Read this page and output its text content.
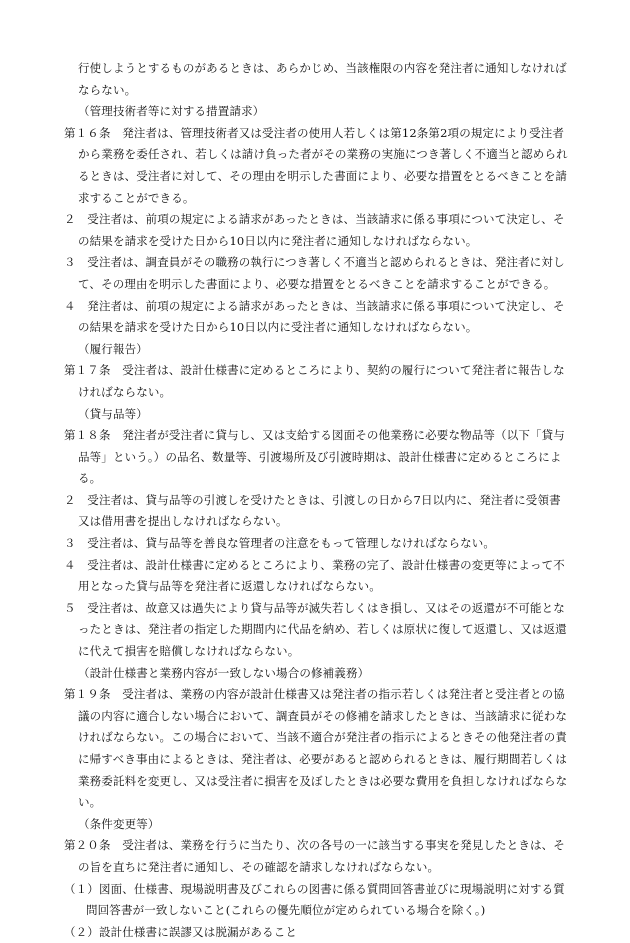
行使しようとするものがあるときは、あらかじめ、当該権限の内容を発注者に通知しなければならない。
（管理技術者等に対する措置請求）
第１６条　発注者は、管理技術者又は受注者の使用人若しくは第12条第2項の規定により受注者から業務を委任され、若しくは請け負った者がその業務の実施につき著しく不適当と認められるときは、受注者に対して、その理由を明示した書面により、必要な措置をとるべきことを請求することができる。
２　受注者は、前項の規定による請求があったときは、当該請求に係る事項について決定し、その結果を請求を受けた日から10日以内に発注者に通知しなければならない。
３　受注者は、調査員がその職務の執行につき著しく不適当と認められるときは、発注者に対して、その理由を明示した書面により、必要な措置をとるべきことを請求することができる。
４　発注者は、前項の規定による請求があったときは、当該請求に係る事項について決定し、その結果を請求を受けた日から10日以内に受注者に通知しなければならない。
（履行報告）
第１７条　受注者は、設計仕様書に定めるところにより、契約の履行について発注者に報告しなければならない。
（貸与品等）
第１８条　発注者が受注者に貸与し、又は支給する図面その他業務に必要な物品等（以下「貸与品等」という。）の品名、数量等、引渡場所及び引渡時期は、設計仕様書に定めるところによる。
２　受注者は、貸与品等の引渡しを受けたときは、引渡しの日から7日以内に、発注者に受領書又は借用書を提出しなければならない。
３　受注者は、貸与品等を善良な管理者の注意をもって管理しなければならない。
４　受注者は、設計仕様書に定めるところにより、業務の完了、設計仕様書の変更等によって不用となった貸与品等を発注者に返還しなければならない。
５　受注者は、故意又は過失により貸与品等が滅失若しくはき損し、又はその返還が不可能となったときは、発注者の指定した期間内に代品を納め、若しくは原状に復して返還し、又は返還に代えて損害を賠償しなければならない。
（設計仕様書と業務内容が一致しない場合の修補義務）
第１９条　受注者は、業務の内容が設計仕様書又は発注者の指示若しくは発注者と受注者との協議の内容に適合しない場合において、調査員がその修補を請求したときは、当該請求に従わなければならない。この場合において、当該不適合が発注者の指示によるときその他発注者の責に帰すべき事由によるときは、発注者は、必要があると認められるときは、履行期間若しくは業務委託料を変更し、又は受注者に損害を及ぼしたときは必要な費用を負担しなければならない。
（条件変更等）
第２０条　受注者は、業務を行うに当たり、次の各号の一に該当する事実を発見したときは、その旨を直ちに発注者に通知し、その確認を請求しなければならない。
（１）図面、仕様書、現場説明書及びこれらの図書に係る質問回答書並びに現場説明に対する質問回答書が一致しないこと(これらの優先順位が定められている場合を除く。)
（２）設計仕様書に誤謬又は脱漏があること
